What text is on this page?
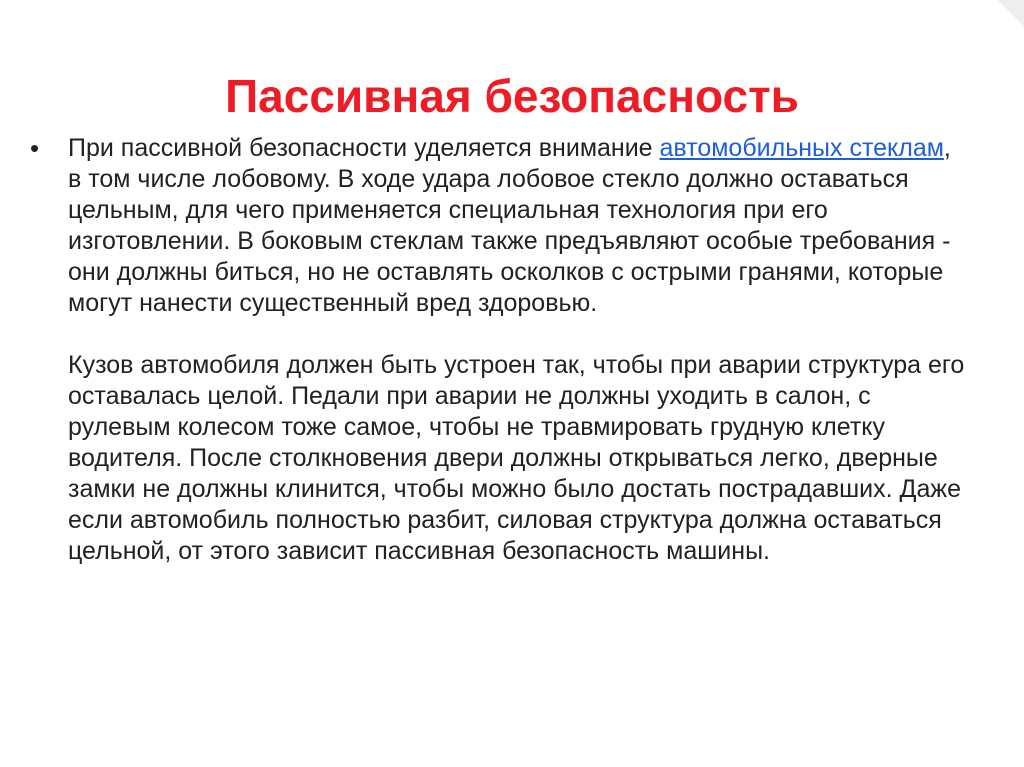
Пассивная безопасность
•	При пассивной безопасности уделяется внимание автомобильных стеклам, в том числе лобовому. В ходе удара лобовое стекло должно оставаться цельным, для чего применяется специальная технология при его изготовлении. В боковым стеклам также предъявляют особые требования - они должны биться, но не оставлять осколков с острыми гранями, которые могут нанести существенный вред здоровью.

Кузов автомобиля должен быть устроен так, чтобы при аварии структура его оставалась целой. Педали при аварии не должны уходить в салон, с рулевым колесом тоже самое, чтобы не травмировать грудную клетку водителя. После столкновения двери должны открываться легко, дверные замки не должны клинится, чтобы можно было достать пострадавших. Даже если автомобиль полностью разбит, силовая структура должна оставаться цельной, от этого зависит пассивная безопасность машины.
